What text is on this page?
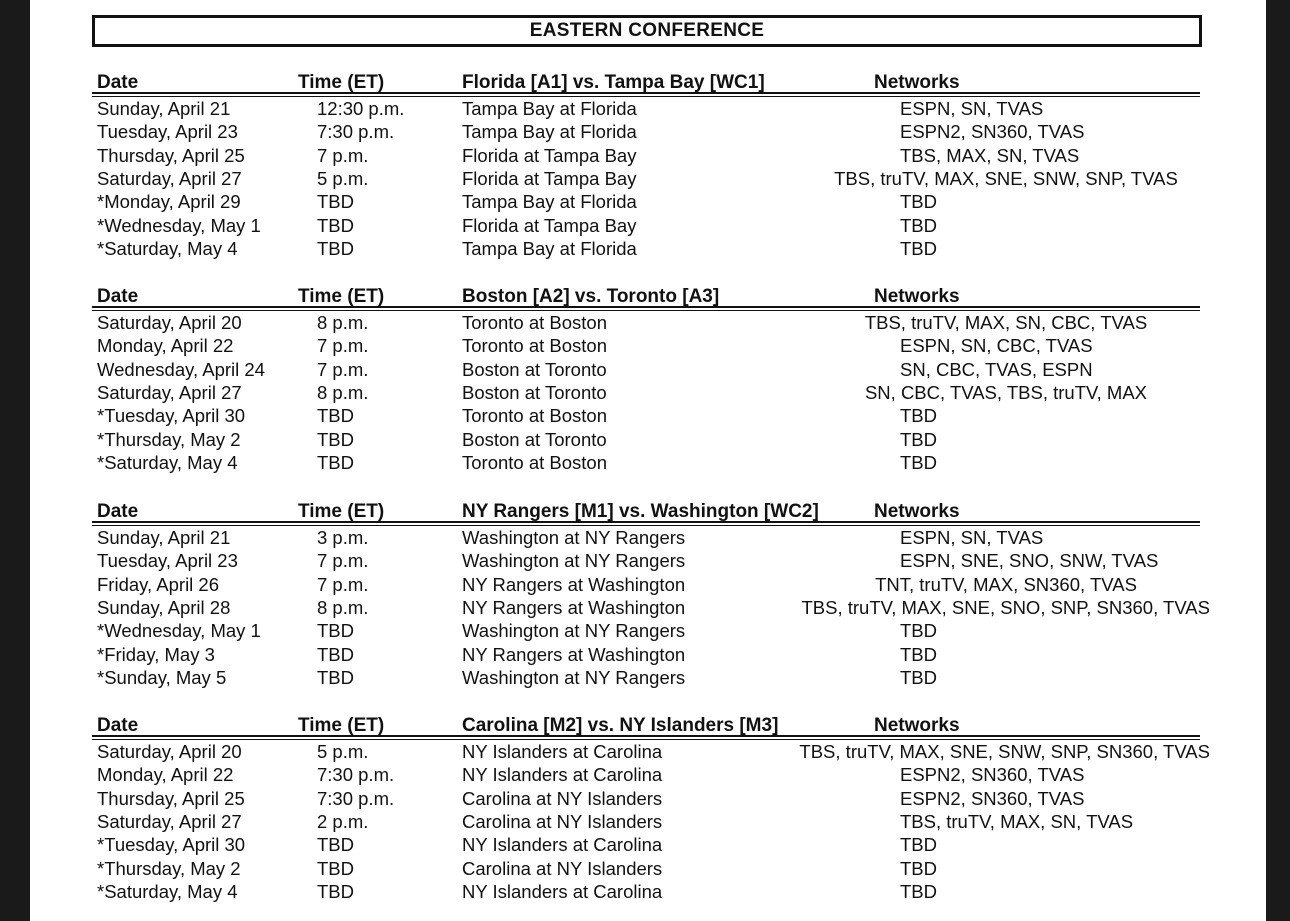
EASTERN CONFERENCE
Date	Time (ET)	Florida [A1] vs. Tampa Bay [WC1]	Networks
Sunday, April 21	12:30 p.m.	Tampa Bay at Florida	ESPN, SN, TVAS
Tuesday, April 23	7:30 p.m.	Tampa Bay at Florida	ESPN2, SN360, TVAS
Thursday, April 25	7 p.m.	Florida at Tampa Bay	TBS, MAX, SN, TVAS
Saturday, April 27	5 p.m.	Florida at Tampa Bay	TBS, truTV, MAX, SNE, SNW, SNP, TVAS
*Monday, April 29	TBD	Tampa Bay at Florida	TBD
*Wednesday, May 1	TBD	Florida at Tampa Bay	TBD
*Saturday, May 4	TBD	Tampa Bay at Florida	TBD
Date	Time (ET)	Boston [A2] vs. Toronto [A3]	Networks
Saturday, April 20	8 p.m.	Toronto at Boston	TBS, truTV, MAX, SN, CBC, TVAS
Monday, April 22	7 p.m.	Toronto at Boston	ESPN, SN, CBC, TVAS
Wednesday, April 24	7 p.m.	Boston at Toronto	SN, CBC, TVAS, ESPN
Saturday, April 27	8 p.m.	Boston at Toronto	SN, CBC, TVAS, TBS, truTV, MAX
*Tuesday, April 30	TBD	Toronto at Boston	TBD
*Thursday, May 2	TBD	Boston at Toronto	TBD
*Saturday, May 4	TBD	Toronto at Boston	TBD
Date	Time (ET)	NY Rangers [M1] vs. Washington [WC2]	Networks
Sunday, April 21	3 p.m.	Washington at NY Rangers	ESPN, SN, TVAS
Tuesday, April 23	7 p.m.	Washington at NY Rangers	ESPN, SNE, SNO, SNW, TVAS
Friday, April 26	7 p.m.	NY Rangers at Washington	TNT, truTV, MAX, SN360, TVAS
Sunday, April 28	8 p.m.	NY Rangers at Washington	TBS, truTV, MAX, SNE, SNO, SNP, SN360, TVAS
*Wednesday, May 1	TBD	Washington at NY Rangers	TBD
*Friday, May 3	TBD	NY Rangers at Washington	TBD
*Sunday, May 5	TBD	Washington at NY Rangers	TBD
Date	Time (ET)	Carolina [M2] vs. NY Islanders [M3]	Networks
Saturday, April 20	5 p.m.	NY Islanders at Carolina	TBS, truTV, MAX, SNE, SNW, SNP, SN360, TVAS
Monday, April 22	7:30 p.m.	NY Islanders at Carolina	ESPN2, SN360, TVAS
Thursday, April 25	7:30 p.m.	Carolina at NY Islanders	ESPN2, SN360, TVAS
Saturday, April 27	2 p.m.	Carolina at NY Islanders	TBS, truTV, MAX, SN, TVAS
*Tuesday, April 30	TBD	NY Islanders at Carolina	TBD
*Thursday, May 2	TBD	Carolina at NY Islanders	TBD
*Saturday, May 4	TBD	NY Islanders at Carolina	TBD
